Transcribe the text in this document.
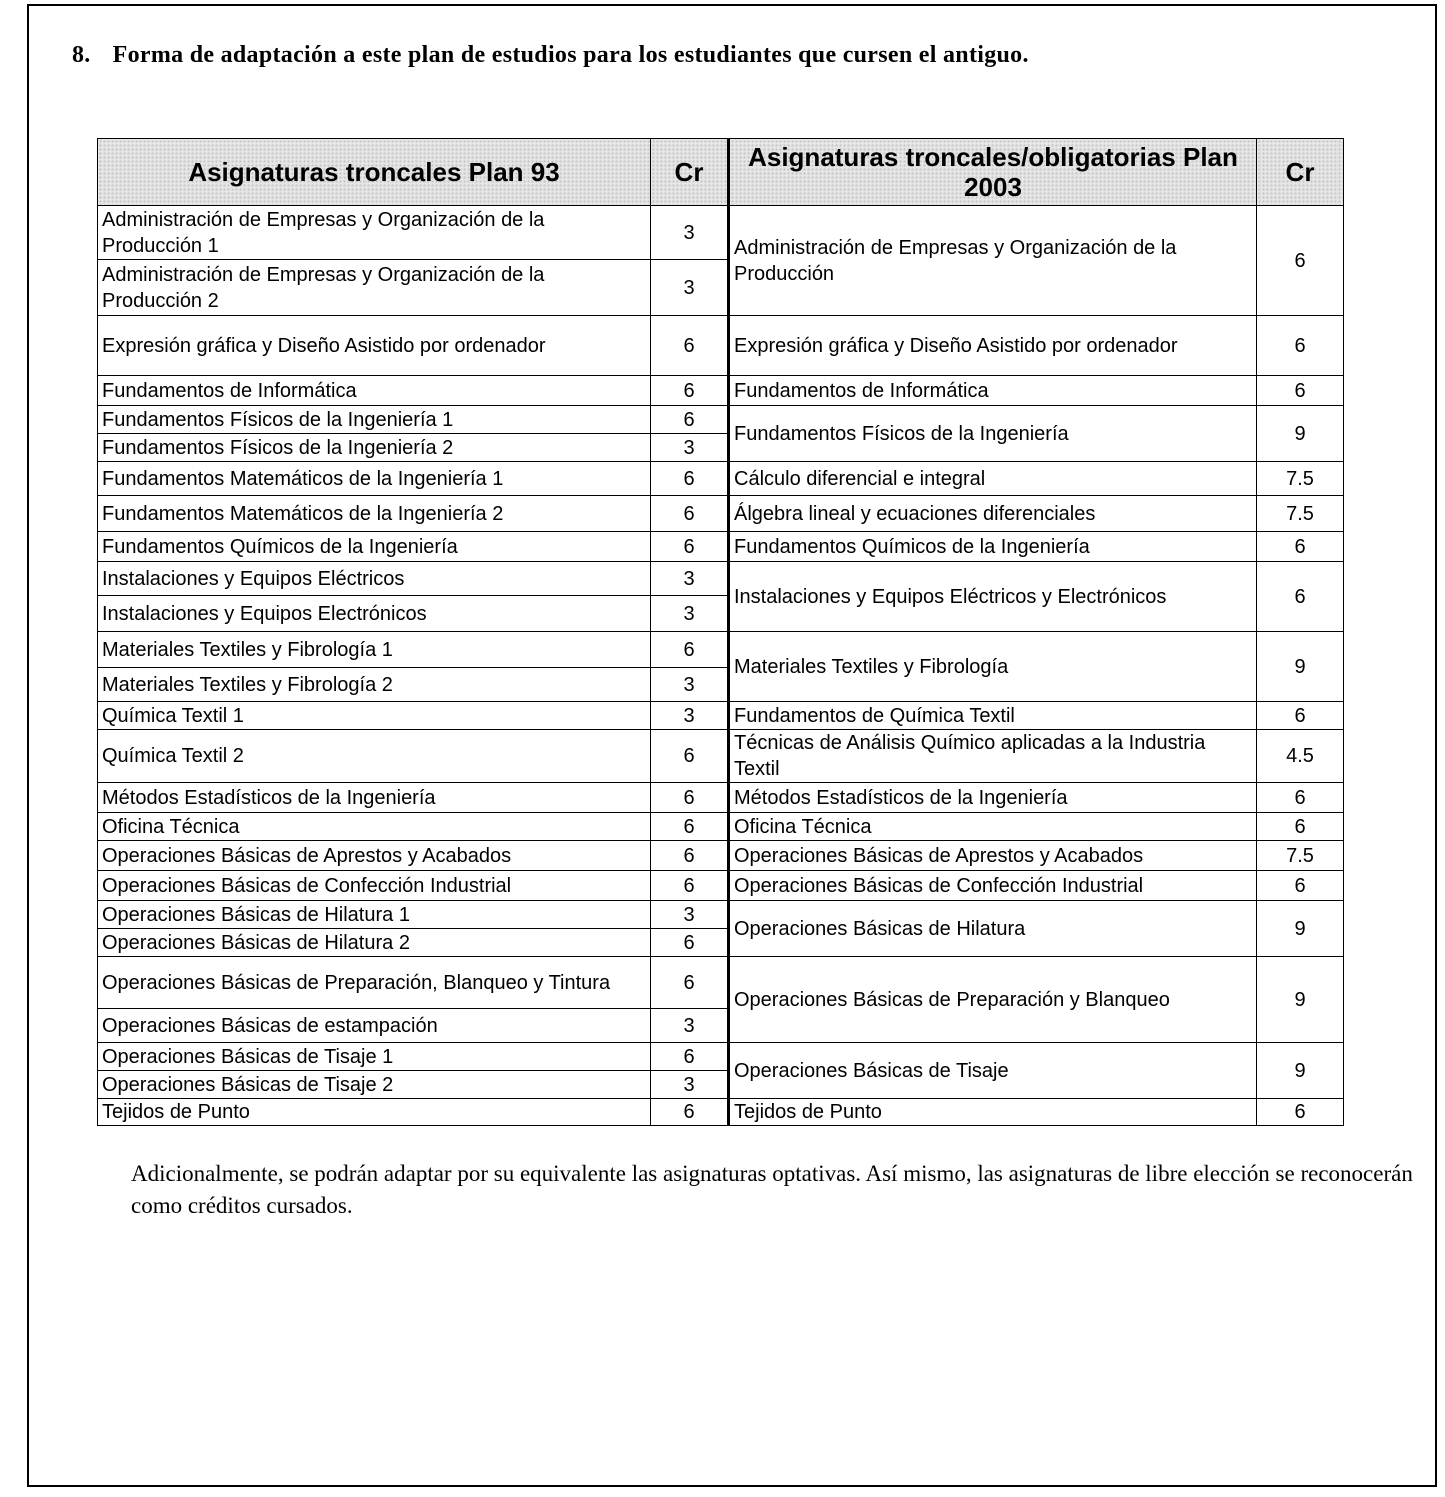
8. Forma de adaptación a este plan de estudios para los estudiantes que cursen el antiguo.
Asignaturas troncales Plan 93	Cr	Asignaturas troncales/obligatorias Plan 2003	Cr
Administración de Empresas y Organización de la Producción 1	3	Administración de Empresas y Organización de la Producción	6
Administración de Empresas y Organización de la Producción 2	3		
Expresión gráfica y Diseño Asistido por ordenador	6	Expresión gráfica y Diseño Asistido por ordenador	6
Fundamentos de Informática	6	Fundamentos de Informática	6
Fundamentos Físicos de la Ingeniería 1	6	Fundamentos Físicos de la Ingeniería	9
Fundamentos Físicos de la Ingeniería 2	3		
Fundamentos Matemáticos de la Ingeniería 1	6	Cálculo diferencial e integral	7.5
Fundamentos Matemáticos de la Ingeniería 2	6	Álgebra lineal y ecuaciones diferenciales	7.5
Fundamentos Químicos de la Ingeniería	6	Fundamentos Químicos de la Ingeniería	6
Instalaciones y Equipos Eléctricos	3	Instalaciones y Equipos Eléctricos y Electrónicos	6
Instalaciones y Equipos Electrónicos	3		
Materiales Textiles y Fibrología 1	6	Materiales Textiles y Fibrología	9
Materiales Textiles y Fibrología 2	3		
Química Textil 1	3	Fundamentos de Química Textil	6
Química Textil 2	6	Técnicas de Análisis Químico aplicadas a la Industria Textil	4.5
Métodos Estadísticos de la Ingeniería	6	Métodos Estadísticos de la Ingeniería	6
Oficina Técnica	6	Oficina Técnica	6
Operaciones Básicas de Aprestos y Acabados	6	Operaciones Básicas de Aprestos y Acabados	7.5
Operaciones Básicas de Confección Industrial	6	Operaciones Básicas de Confección Industrial	6
Operaciones Básicas de Hilatura 1	3	Operaciones Básicas de Hilatura	9
Operaciones Básicas de Hilatura 2	6		
Operaciones Básicas de Preparación, Blanqueo y Tintura	6	Operaciones Básicas de Preparación y Blanqueo	9
Operaciones Básicas de estampación	3		
Operaciones Básicas de Tisaje 1	6	Operaciones Básicas de Tisaje	9
Operaciones Básicas de Tisaje 2	3		
Tejidos de Punto	6	Tejidos de Punto	6
Adicionalmente, se podrán adaptar por su equivalente las asignaturas optativas. Así mismo, las asignaturas de libre elección se reconocerán como créditos cursados.
